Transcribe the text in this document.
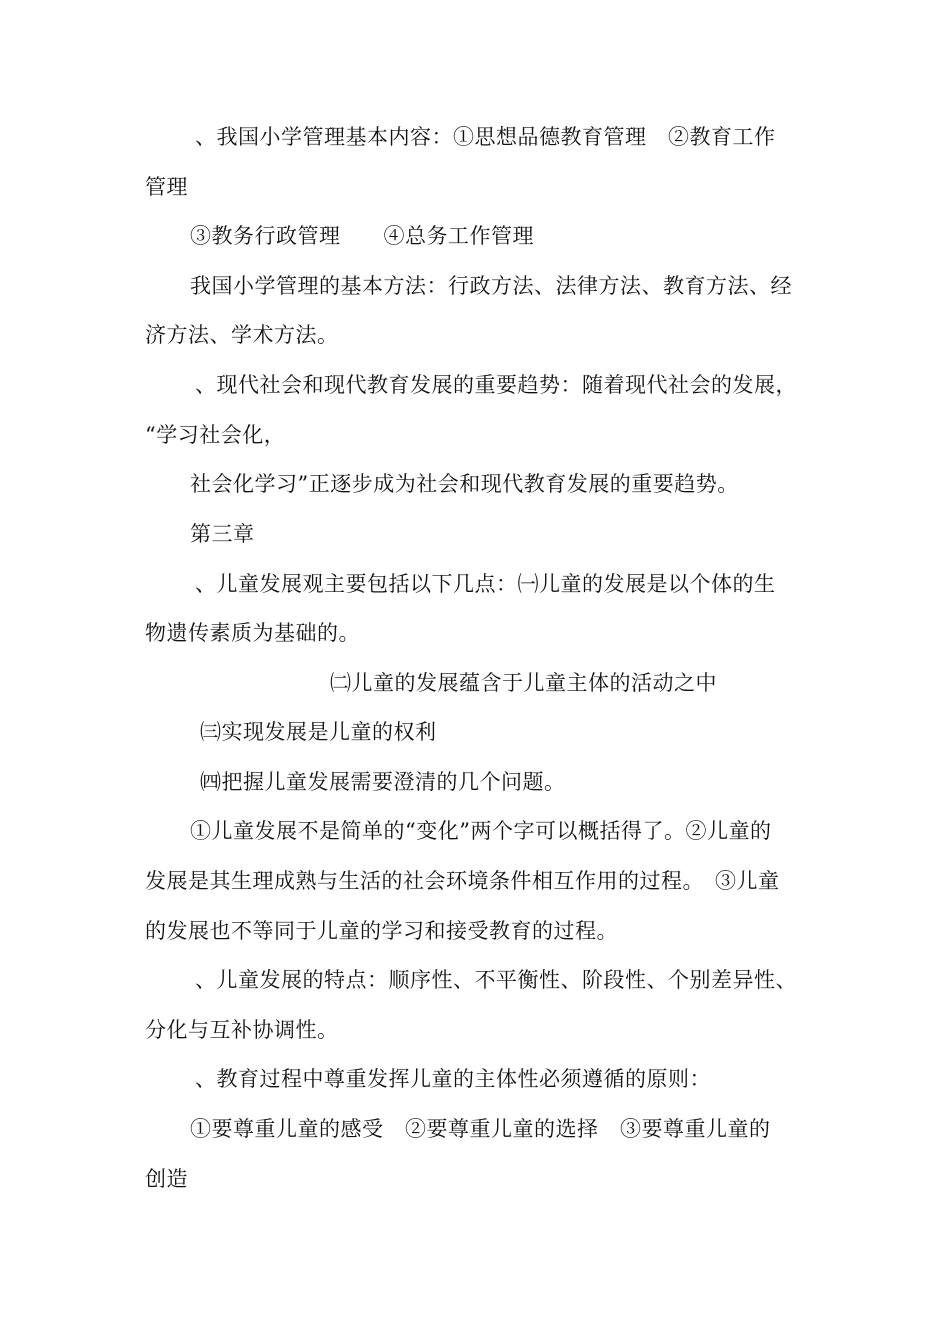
、我国小学管理基本内容：①思想品德教育管理　②教育工作
管理
③教务行政管理　　④总务工作管理
我国小学管理的基本方法：行政方法、法律方法、教育方法、经
济方法、学术方法。
、现代社会和现代教育发展的重要趋势：随着现代社会的发展，
“学习社会化，
社会化学习”正逐步成为社会和现代教育发展的重要趋势。
第三章
、儿童发展观主要包括以下几点：㈠儿童的发展是以个体的生
物遗传素质为基础的。
㈡儿童的发展蕴含于儿童主体的活动之中
㈢实现发展是儿童的权利
㈣把握儿童发展需要澄清的几个问题。
①儿童发展不是简单的“变化”两个字可以概括得了。②儿童的
发展是其生理成熟与生活的社会环境条件相互作用的过程。　③儿童
的发展也不等同于儿童的学习和接受教育的过程。
、儿童发展的特点：顺序性、不平衡性、阶段性、个别差异性、
分化与互补协调性。
、教育过程中尊重发挥儿童的主体性必须遵循的原则：
①要尊重儿童的感受　②要尊重儿童的选择　③要尊重儿童的
创造
